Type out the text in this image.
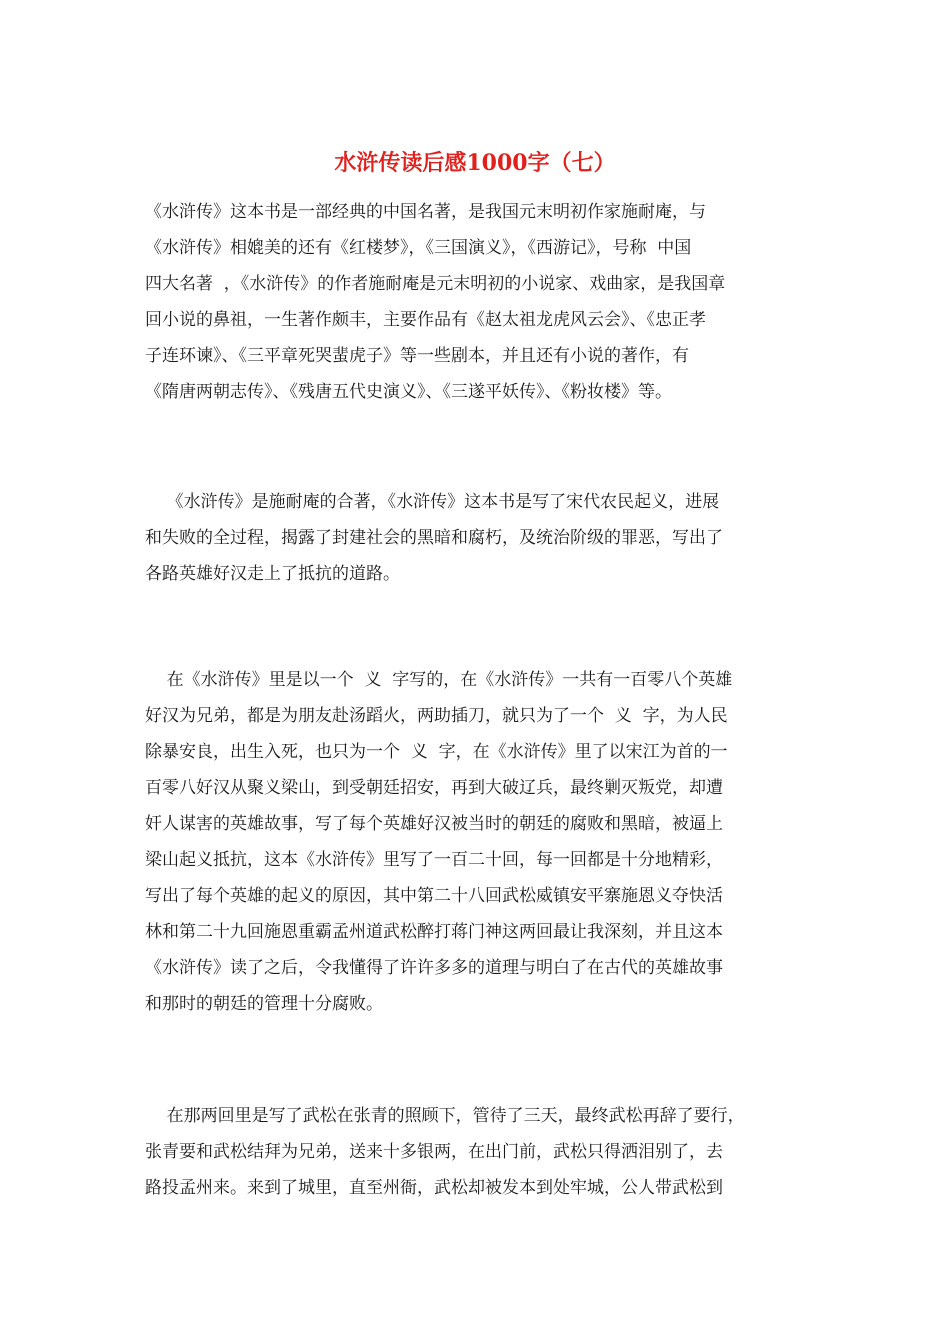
水浒传读后感1000字（七）
《水浒传》这本书是一部经典的中国名著，是我国元末明初作家施耐庵，与
《水浒传》相媲美的还有《红楼梦》，《三国演义》，《西游记》，号称  中国
四大名著  ，《水浒传》的作者施耐庵是元末明初的小说家、戏曲家，是我国章
回小说的鼻祖，一生著作颇丰，主要作品有《赵太祖龙虎风云会》、《忠正孝
子连环谏》、《三平章死哭蜚虎子》等一些剧本，并且还有小说的著作，有
《隋唐两朝志传》、《残唐五代史演义》、《三遂平妖传》、《粉妆楼》等。
《水浒传》是施耐庵的合著，《水浒传》这本书是写了宋代农民起义，进展
和失败的全过程，揭露了封建社会的黑暗和腐朽，及统治阶级的罪恶，写出了
各路英雄好汉走上了抵抗的道路。
在《水浒传》里是以一个  义  字写的，在《水浒传》一共有一百零八个英雄
好汉为兄弟，都是为朋友赴汤蹈火，两助插刀，就只为了一个  义  字，为人民
除暴安良，出生入死，也只为一个  义  字，在《水浒传》里了以宋江为首的一
百零八好汉从聚义梁山，到受朝廷招安，再到大破辽兵，最终剿灭叛党，却遭
奸人谋害的英雄故事，写了每个英雄好汉被当时的朝廷的腐败和黑暗，被逼上
梁山起义抵抗，这本《水浒传》里写了一百二十回，每一回都是十分地精彩，
写出了每个英雄的起义的原因，其中第二十八回武松威镇安平寨施恩义夺快活
林和第二十九回施恩重霸孟州道武松醉打蒋门神这两回最让我深刻，并且这本
《水浒传》读了之后，令我懂得了许许多多的道理与明白了在古代的英雄故事
和那时的朝廷的管理十分腐败。
在那两回里是写了武松在张青的照顾下，管待了三天，最终武松再辞了要行，
张青要和武松结拜为兄弟，送来十多银两，在出门前，武松只得洒泪别了，去
路投孟州来。来到了城里，直至州衙，武松却被发本到处牢城，公人带武松到
